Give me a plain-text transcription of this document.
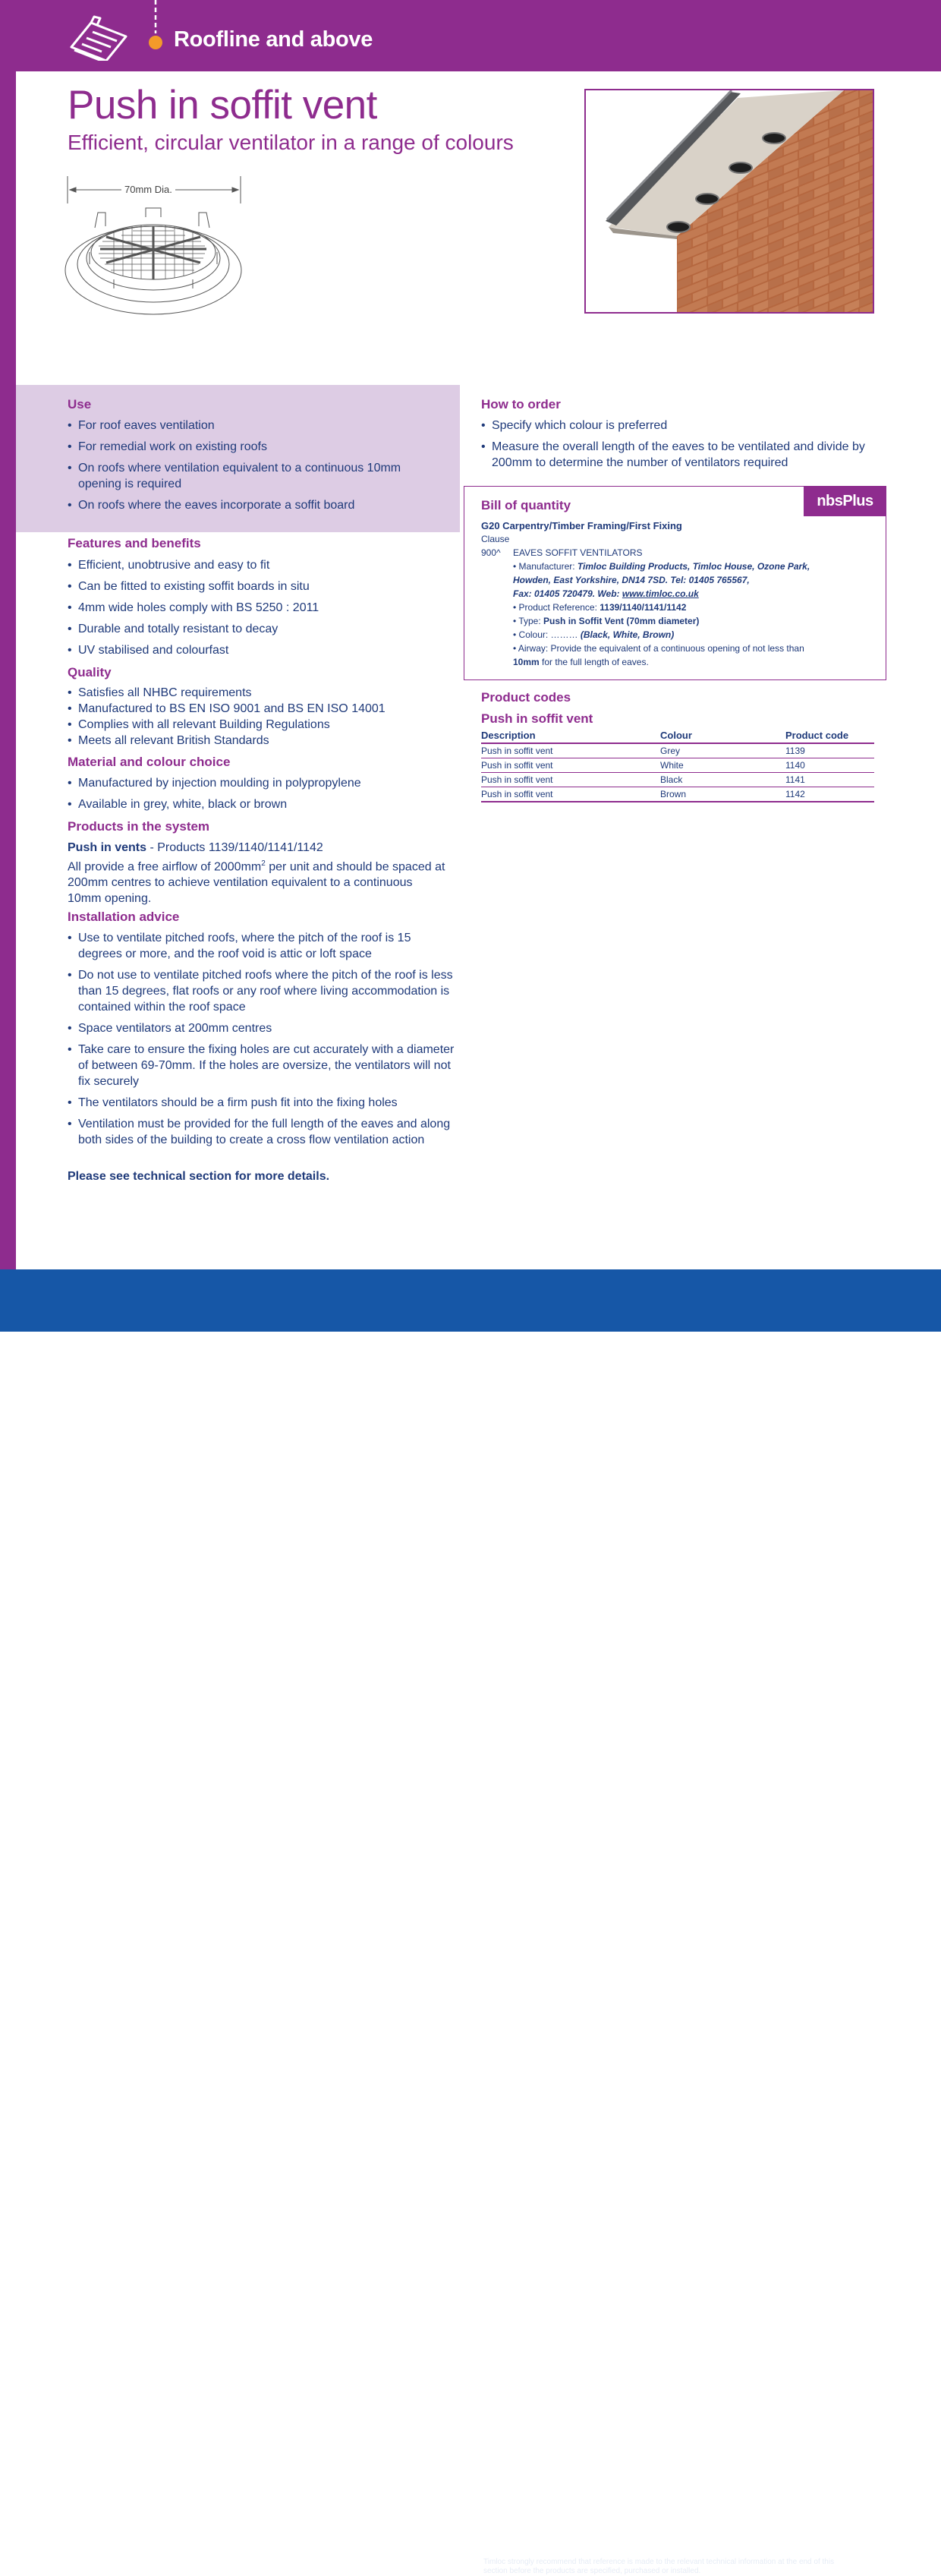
Roofline and above
Push in soffit vent
Efficient, circular ventilator in a range of colours
70mm Dia.
Use
• For roof eaves ventilation
• For remedial work on existing roofs
• On roofs where ventilation equivalent to a continuous 10mm opening is required
• On roofs where the eaves incorporate a soffit board
Features and benefits
• Efficient, unobtrusive and easy to fit
• Can be fitted to existing soffit boards in situ
• 4mm wide holes comply with BS 5250 : 2011
• Durable and totally resistant to decay
• UV stabilised and colourfast
Quality
• Satisfies all NHBC requirements
• Manufactured to BS EN ISO 9001 and BS EN ISO 14001
• Complies with all relevant Building Regulations
• Meets all relevant British Standards
Material and colour choice
• Manufactured by injection moulding in polypropylene
• Available in grey, white, black or brown
Products in the system

Push in vents - Products 1139/1140/1141/1142
All provide a free airflow of $2000mm^2$ per unit and should be spaced at 200mm centres to achieve ventilation equivalent to a continuous 10mm opening.

Installation advice
• Use to ventilate pitched roofs, where the pitch of the roof is 15 degrees or more, and the roof void is attic or loft space
• Do not use to ventilate pitched roofs where the pitch of the roof is less than 15 degrees, flat roofs or any roof where living accommodation is contained within the roof space
• Space ventilators at 200mm centres
• Take care to ensure the fixing holes are cut accurately with a diameter of between 69-70mm. If the holes are oversize, the ventilators will not fix securely
• The ventilators should be a firm push fit into the fixing holes
• Ventilation must be provided for the full length of the eaves and along both sides of the building to create a cross flow ventilation action
Please see technical section for more details.
How to order
• Specify which colour is preferred
• Measure the overall length of the eaves to be ventilated and divide by 200mm to determine the number of ventilators required
nbsPlus
Bill of quantity
G20 Carpentry/Timber Framing/First Fixing
Clause
900^ EAVES SOFFIT VENTILATORS
• Manufacturer: Timloc Building Products, Timloc House, Ozone Park,
Howden, East Yorkshire, DN14 7SD. Tel: 01405 765567,
Fax: 01405 720479. Web: www.timloc.co.uk
• Product Reference: 1139/1140/1141/1142
• Type: Push in Soffit Vent (70mm diameter)
• Colour: ……… (Black, White, Brown)
• Airway: Provide the equivalent of a continuous opening of not less than
10mm for the full length of eaves.
Product codes
Push in soffit vent
Description	Colour	Product code
Push in soffit vent	Grey	1139
Push in soffit vent	White	1140
Push in soffit vent	Black	1141
Push in soffit vent	Brown	1142
Call. 01405 765567  |  Email. sales@timloc.co.uk  |  www.timloc.co.uk Timloc strongly recommend that reference is made to the relevant technical information at the end of this section before the products are specified, purchased or installed.
